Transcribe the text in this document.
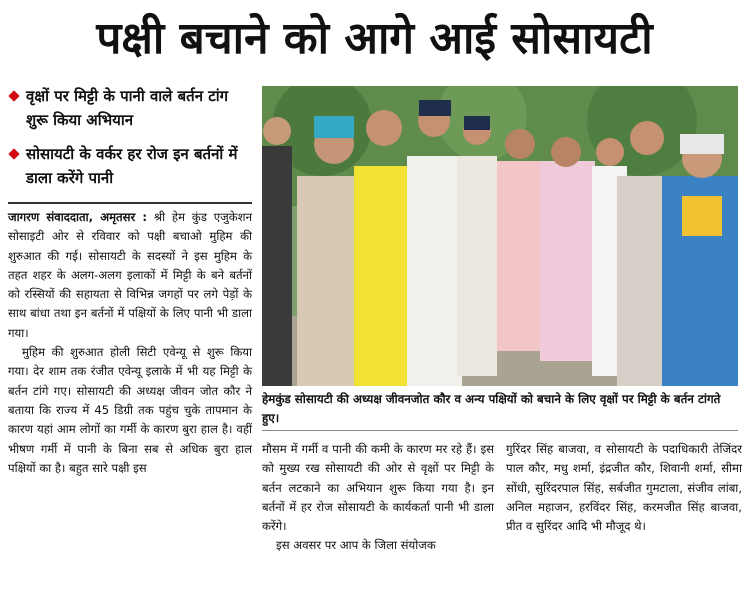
पक्षी बचाने को आगे आई सोसायटी
वृक्षों पर मिट्टी के पानी वाले बर्तन टांग शुरू किया अभियान
सोसायटी के वर्कर हर रोज इन बर्तनों में डाला करेंगे पानी

जागरण संवाददाता, अमृतसर : श्री हेम कुंड एजुकेशन सोसाइटी ओर से रविवार को पक्षी बचाओ मुहिम की शुरुआत की गई। सोसायटी के सदस्यों ने इस मुहिम के तहत शहर के अलग-अलग इलाकों में मिट्टी के बने बर्तनों को रस्सियों की सहायता से विभिन्न जगहों पर लगे पेड़ों के साथ बांधा तथा इन बर्तनों में पक्षियों के लिए पानी भी डाला गया।

मुहिम की शुरुआत होली सिटी एवेन्यू से शुरू किया गया। देर शाम तक रंजीत एवेन्यू इलाके में भी यह मिट्टी के बर्तन टांगे गए। सोसायटी की अध्यक्ष जीवन जोत कौर ने बताया कि राज्य में 45 डिग्री तक पहुंच चुके तापमान के कारण यहां आम लोगों का गर्मी के कारण बुरा हाल है। वहीं भीषण गर्मी में पानी के बिना सब से अधिक बुरा हाल पक्षियों का है। बहुत सारे पक्षी इस

हेमकुंड सोसायटी की अध्यक्ष जीवनजोत कौर व अन्य पक्षियों को बचाने के लिए वृक्षों पर मिट्टी के बर्तन टांगते हुए।

मौसम में गर्मी व पानी की कमी के कारण मर रहे हैं। इस को मुख्य रख सोसायटी की ओर से वृक्षों पर मिट्टी के बर्तन लटकाने का अभियान शुरू किया गया है। इन बर्तनों में हर रोज सोसायटी के कार्यकर्ता पानी भी डाला करेंगे।

इस अवसर पर आप के जिला संयोजक

गुरिंदर सिंह बाजवा, व सोसायटी के पदाधिकारी तेजिंदर पाल कौर, मधु शर्मा, इंद्रजीत कौर, शिवानी शर्मा, सीमा सोंधी, सुरिंदरपाल सिंह, सर्बजीत गुमटाला, संजीव लांबा, अनिल महाजन, हरविंदर सिंह, करमजीत सिंह बाजवा, प्रीत व सुरिंदर आदि भी मौजूद थे।
